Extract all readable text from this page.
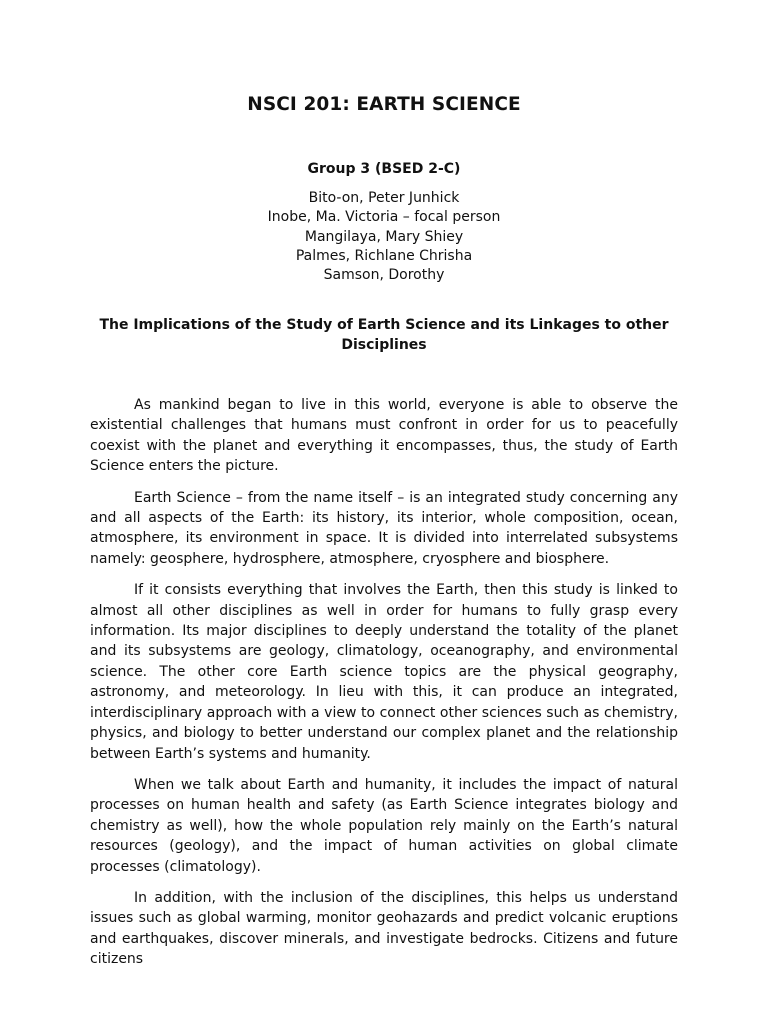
NSCI 201: EARTH SCIENCE
Group 3 (BSED 2-C)
Bito-on, Peter Junhick
Inobe, Ma. Victoria – focal person
Mangilaya, Mary Shiey
Palmes, Richlane Chrisha
Samson, Dorothy
The Implications of the Study of Earth Science and its Linkages to other Disciplines

As mankind began to live in this world, everyone is able to observe the existential challenges that humans must confront in order for us to peacefully coexist with the planet and everything it encompasses, thus, the study of Earth Science enters the picture.

Earth Science – from the name itself – is an integrated study concerning any and all aspects of the Earth: its history, its interior, whole composition, ocean, atmosphere, its environment in space. It is divided into interrelated subsystems namely: geosphere, hydrosphere, atmosphere, cryosphere and biosphere.

If it consists everything that involves the Earth, then this study is linked to almost all other disciplines as well in order for humans to fully grasp every information. Its major disciplines to deeply understand the totality of the planet and its subsystems are geology, climatology, oceanography, and environmental science. The other core Earth science topics are the physical geography, astronomy, and meteorology. In lieu with this, it can produce an integrated, interdisciplinary approach with a view to connect other sciences such as chemistry, physics, and biology to better understand our complex planet and the relationship between Earth’s systems and humanity.

When we talk about Earth and humanity, it includes the impact of natural processes on human health and safety (as Earth Science integrates biology and chemistry as well), how the whole population rely mainly on the Earth’s natural resources (geology), and the impact of human activities on global climate processes (climatology).

In addition, with the inclusion of the disciplines, this helps us understand issues such as global warming, monitor geohazards and predict volcanic eruptions and earthquakes, discover minerals, and investigate bedrocks. Citizens and future citizens
